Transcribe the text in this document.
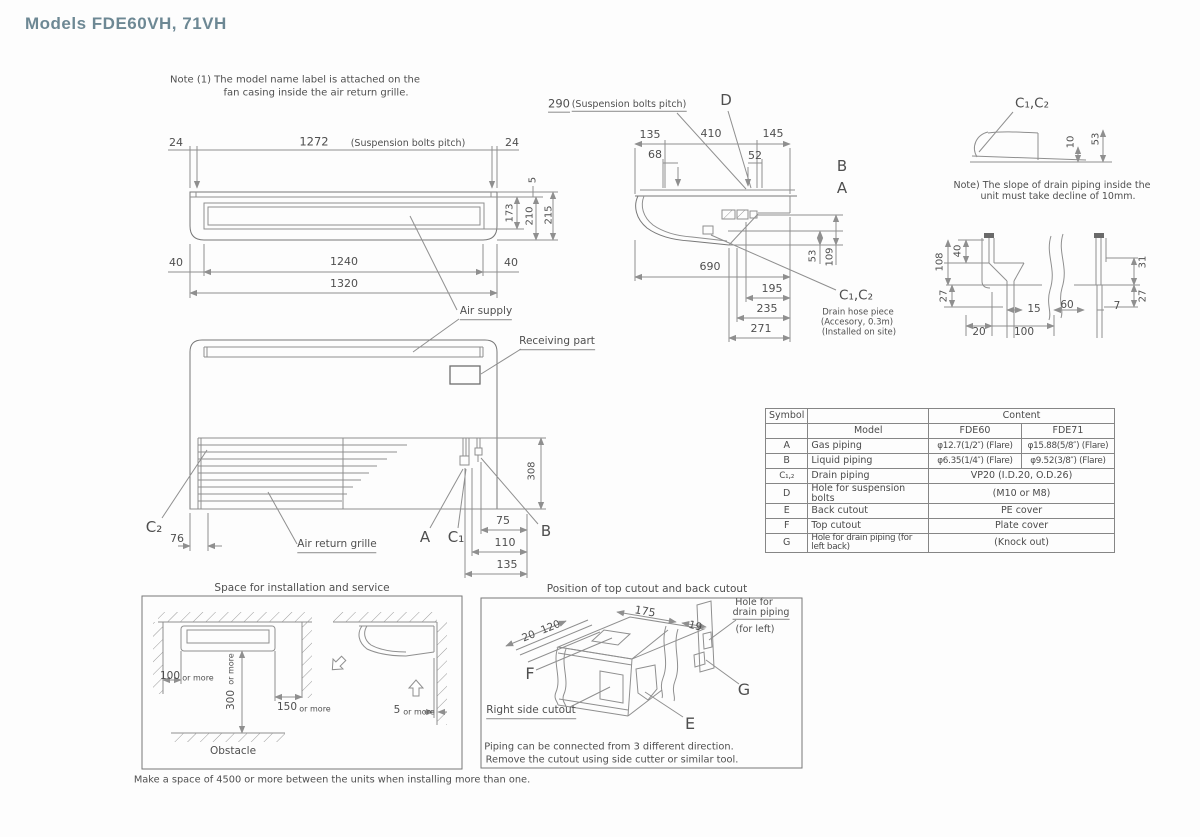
Models FDE60VH, 71VH
Note (1) The model name label is attached on the
fan casing inside the air return grille.
24	1272 (Suspension bolts pitch)	24
5
173 210 215
40	1240	40
1320
Air supply
290 (Suspension bolts pitch) D
135	410	145
68	52
B
A
53 109
690
195
235
271
C₁,C₂
Drain hose piece
(Accesory, 0.3m)
(Installed on site)
C₁,C₂
10 53
Note) The slope of drain piping inside the
unit must take decline of 10mm.
40
108
27
20
15
100
60	7
31
27
Receiving part
Air return grille
C₂
76	A C₁	B
308
75
110
135
Space for installation and service
100 or more
300
or more
150 or more	5 or more
Obstacle
Make a space of 4500 or more between the units when installing more than one.
Position of top cutout and back cutout
20 120
175
19
Hole for
drain piping
(for left)
F
G
E
Right side cutout
Piping can be connected from 3 different direction.
Remove the cutout using side cutter or similar tool.
Symbol		Content	
	Model	FDE60	FDE71
A	Gas piping	φ12.7(1/2″) (Flare)	φ15.88(5/8″) (Flare)
B	Liquid piping	φ6.35(1/4″) (Flare)	φ9.52(3/8″) (Flare)
C₁,₂	Drain piping	VP20 (I.D.20, O.D.26)	
D	Hole for suspension bolts	(M10 or M8)	
E	Back cutout	PE cover	
F	Top cutout	Plate cover	
G	Hole for drain piping (for left back)	(Knock out)	
